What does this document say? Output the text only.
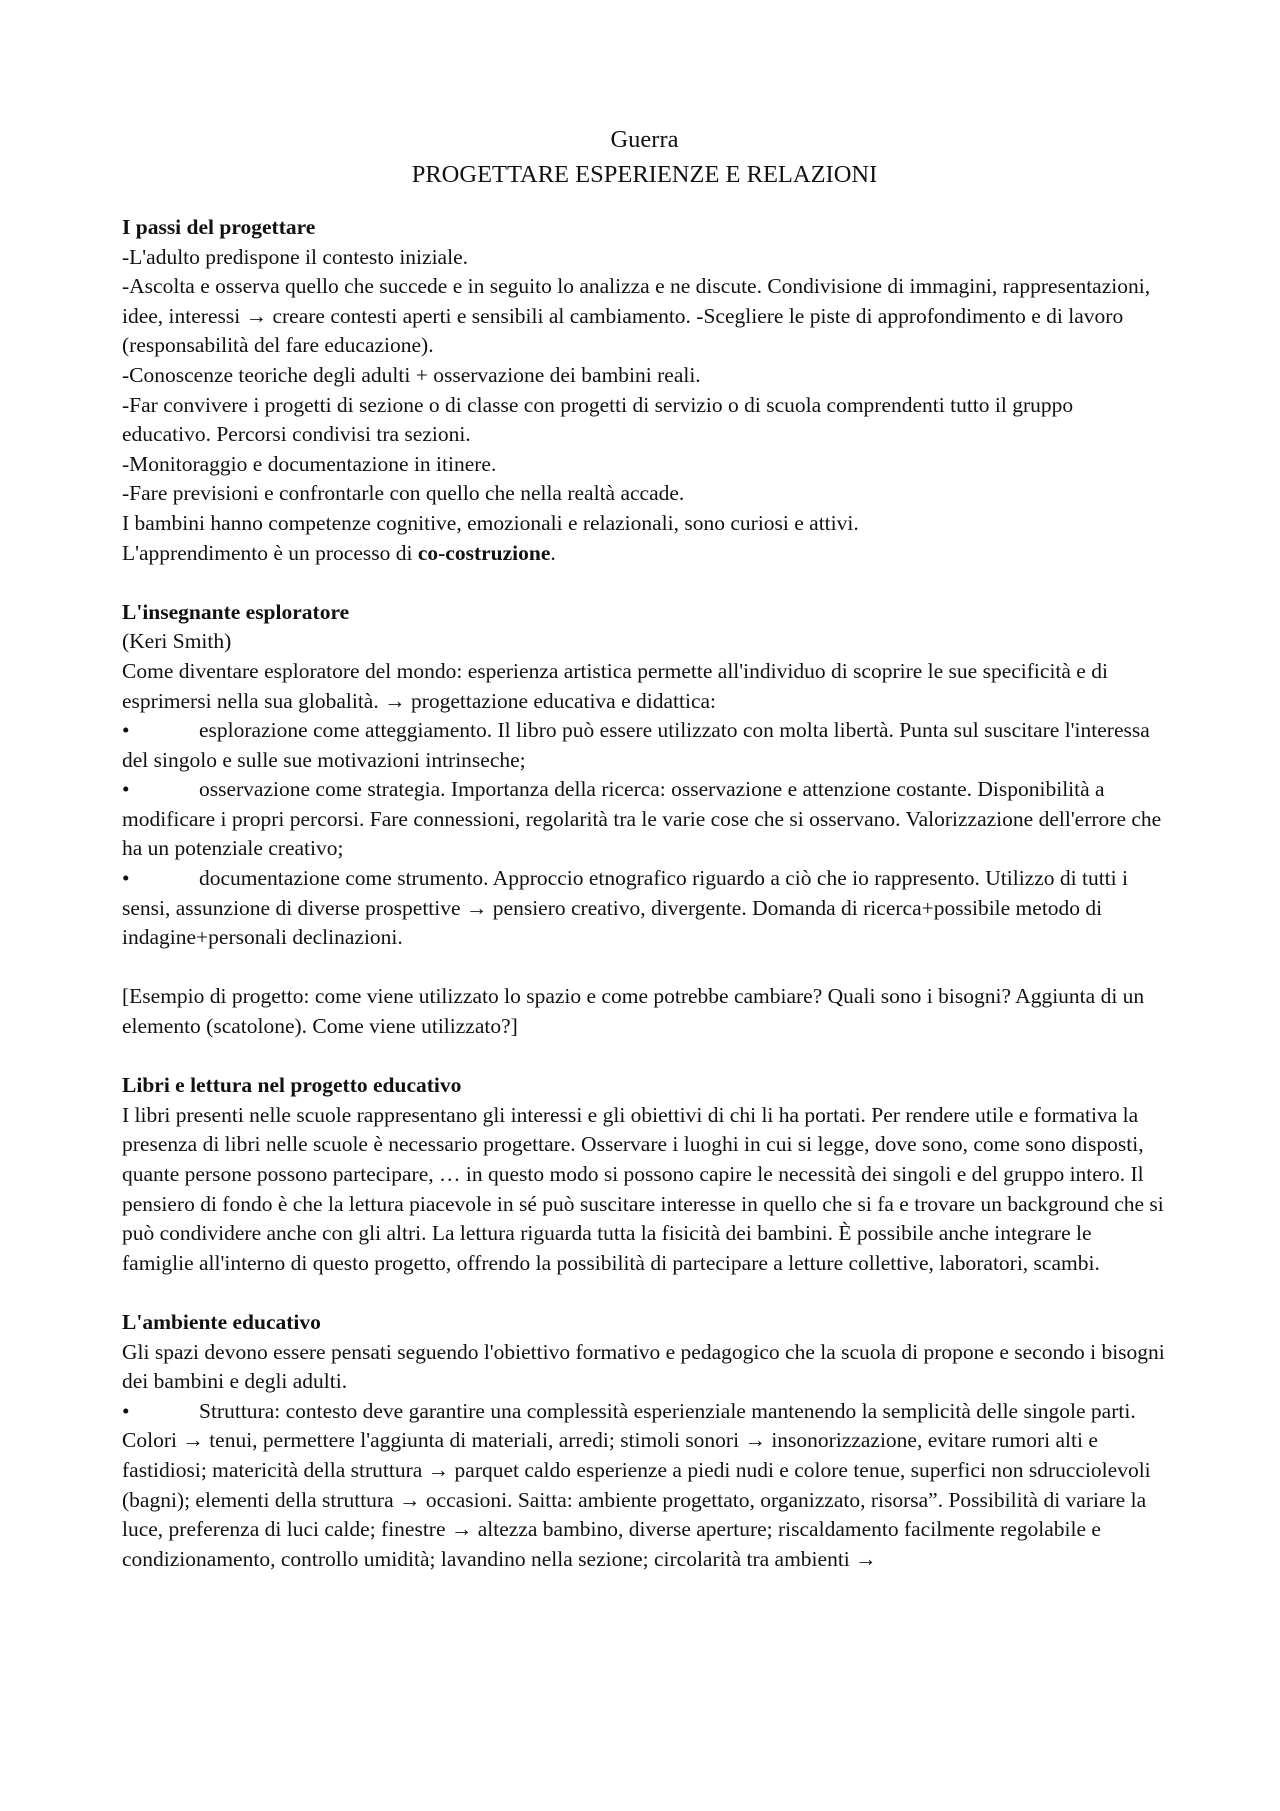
Guerra
PROGETTARE ESPERIENZE E RELAZIONI

I passi del progettare

-L'adulto predispone il contesto iniziale.

-Ascolta e osserva quello che succede e in seguito lo analizza e ne discute. Condivisione di immagini, rappresentazioni, idee, interessi → creare contesti aperti e sensibili al cambiamento. -Scegliere le piste di approfondimento e di lavoro (responsabilità del fare educazione).

-Conoscenze teoriche degli adulti + osservazione dei bambini reali.

-Far convivere i progetti di sezione o di classe con progetti di servizio o di scuola comprendenti tutto il gruppo educativo. Percorsi condivisi tra sezioni.

-Monitoraggio e documentazione in itinere.

-Fare previsioni e confrontarle con quello che nella realtà accade.

I bambini hanno competenze cognitive, emozionali e relazionali, sono curiosi e attivi.

L'apprendimento è un processo di co-costruzione.

L'insegnante esploratore

(Keri Smith)

Come diventare esploratore del mondo: esperienza artistica permette all'individuo di scoprire le sue specificità e di esprimersi nella sua globalità. → progettazione educativa e didattica:

•	esplorazione come atteggiamento. Il libro può essere utilizzato con molta libertà. Punta sul suscitare l'interessa del singolo e sulle sue motivazioni intrinseche;

•	osservazione come strategia. Importanza della ricerca: osservazione e attenzione costante. Disponibilità a modificare i propri percorsi. Fare connessioni, regolarità tra le varie cose che si osservano. Valorizzazione dell'errore che ha un potenziale creativo;

•	documentazione come strumento. Approccio etnografico riguardo a ciò che io rappresento. Utilizzo di tutti i sensi, assunzione di diverse prospettive → pensiero creativo, divergente. Domanda di ricerca+possibile metodo di indagine+personali declinazioni.

[Esempio di progetto: come viene utilizzato lo spazio e come potrebbe cambiare? Quali sono i bisogni? Aggiunta di un elemento (scatolone). Come viene utilizzato?]

Libri e lettura nel progetto educativo

I libri presenti nelle scuole rappresentano gli interessi e gli obiettivi di chi li ha portati. Per rendere utile e formativa la presenza di libri nelle scuole è necessario progettare. Osservare i luoghi in cui si legge, dove sono, come sono disposti, quante persone possono partecipare, … in questo modo si possono capire le necessità dei singoli e del gruppo intero. Il pensiero di fondo è che la lettura piacevole in sé può suscitare interesse in quello che si fa e trovare un background che si può condividere anche con gli altri. La lettura riguarda tutta la fisicità dei bambini. È possibile anche integrare le famiglie all'interno di questo progetto, offrendo la possibilità di partecipare a letture collettive, laboratori, scambi.

L'ambiente educativo

Gli spazi devono essere pensati seguendo l'obiettivo formativo e pedagogico che la scuola di propone e secondo i bisogni dei bambini e degli adulti.

•	Struttura: contesto deve garantire una complessità esperienziale mantenendo la semplicità delle singole parti. Colori → tenui, permettere l'aggiunta di materiali, arredi; stimoli sonori → insonorizzazione, evitare rumori alti e fastidiosi; matericità della struttura → parquet caldo esperienze a piedi nudi e colore tenue, superfici non sdrucciolevoli (bagni); elementi della struttura → occasioni. Saitta: ambiente progettato, organizzato, risorsa”. Possibilità di variare la luce, preferenza di luci calde; finestre → altezza bambino, diverse aperture; riscaldamento facilmente regolabile e condizionamento, controllo umidità; lavandino nella sezione; circolarità tra ambienti →
